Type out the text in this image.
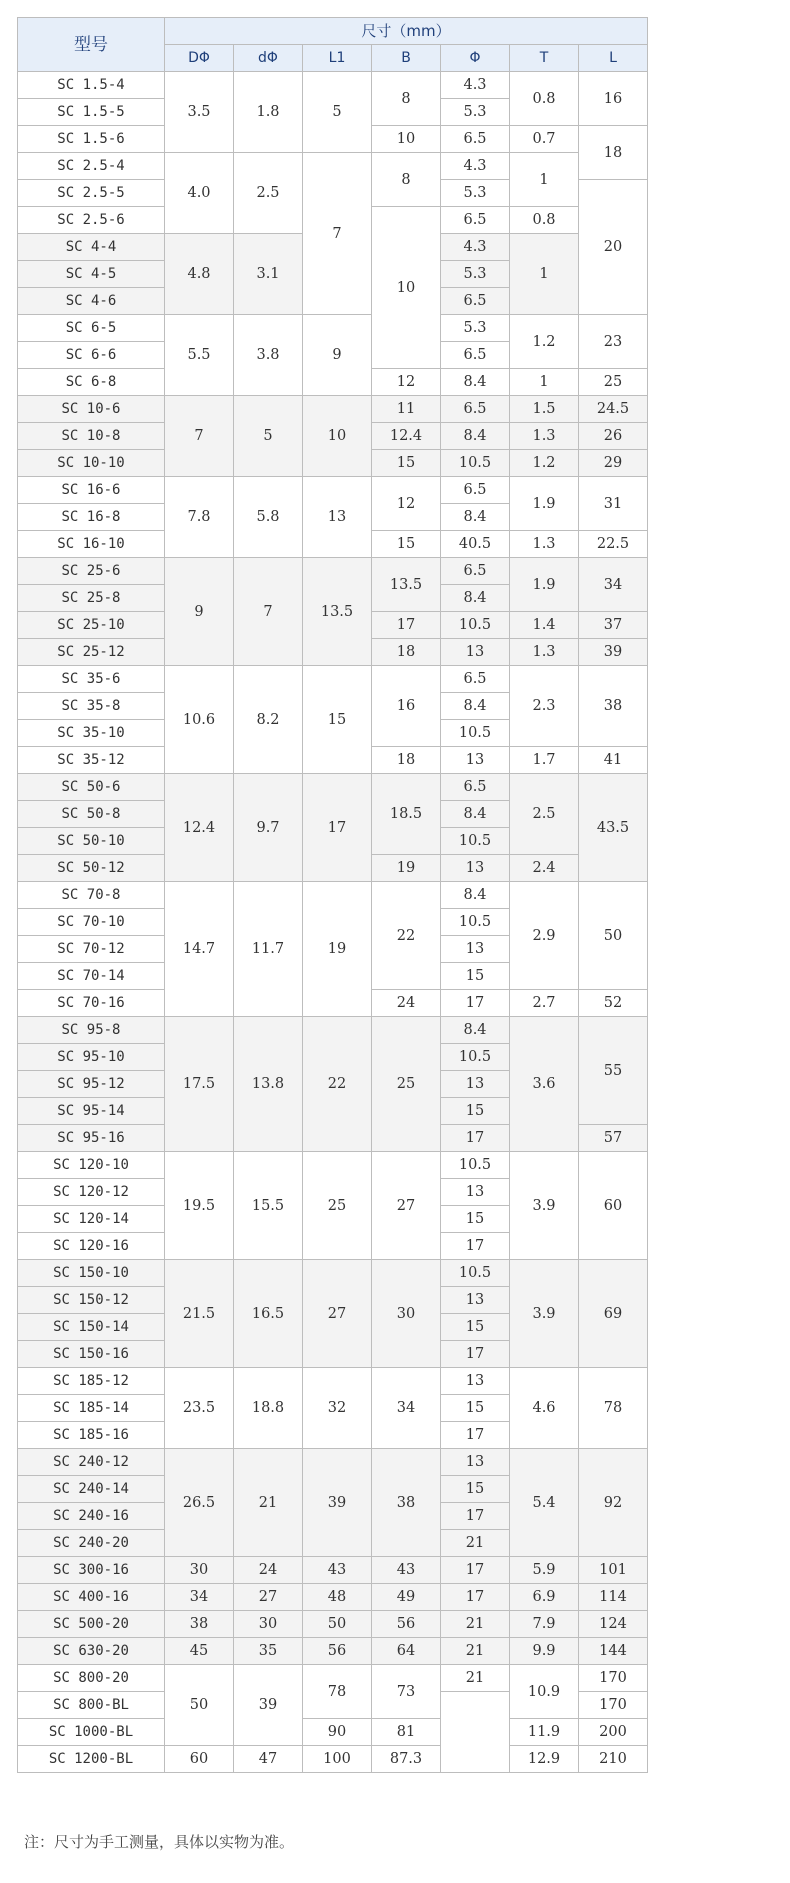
型号	尺寸（mm）						
	DΦ	dΦ	L1	B	Φ	T	L
SC 1.5-4	3.5	1.8	5	8	4.3	0.8	16
SC 1.5-5					5.3		
SC 1.5-6				10	6.5	0.7	18
SC 2.5-4	4.0	2.5	7	8	4.3	1	
SC 2.5-5					5.3		20
SC 2.5-6				10	6.5	0.8	
SC 4-4	4.8	3.1			4.3	1	
SC 4-5					5.3		
SC 4-6					6.5		
SC 6-5	5.5	3.8	9		5.3	1.2	23
SC 6-6					6.5		
SC 6-8				12	8.4	1	25
SC 10-6	7	5	10	11	6.5	1.5	24.5
SC 10-8				12.4	8.4	1.3	26
SC 10-10				15	10.5	1.2	29
SC 16-6	7.8	5.8	13	12	6.5	1.9	31
SC 16-8					8.4		
SC 16-10				15	40.5	1.3	22.5
SC 25-6	9	7	13.5	13.5	6.5	1.9	34
SC 25-8					8.4		
SC 25-10				17	10.5	1.4	37
SC 25-12				18	13	1.3	39
SC 35-6	10.6	8.2	15	16	6.5	2.3	38
SC 35-8					8.4		
SC 35-10					10.5		
SC 35-12				18	13	1.7	41
SC 50-6	12.4	9.7	17	18.5	6.5	2.5	43.5
SC 50-8					8.4		
SC 50-10					10.5		
SC 50-12				19	13	2.4	
SC 70-8	14.7	11.7	19	22	8.4	2.9	50
SC 70-10					10.5		
SC 70-12					13		
SC 70-14					15		
SC 70-16				24	17	2.7	52
SC 95-8	17.5	13.8	22	25	8.4	3.6	55
SC 95-10					10.5		
SC 95-12					13		
SC 95-14					15		
SC 95-16					17		57
SC 120-10	19.5	15.5	25	27	10.5	3.9	60
SC 120-12					13		
SC 120-14					15		
SC 120-16					17		
SC 150-10	21.5	16.5	27	30	10.5	3.9	69
SC 150-12					13		
SC 150-14					15		
SC 150-16					17		
SC 185-12	23.5	18.8	32	34	13	4.6	78
SC 185-14					15		
SC 185-16					17		
SC 240-12	26.5	21	39	38	13	5.4	92
SC 240-14					15		
SC 240-16					17		
SC 240-20					21		
SC 300-16	30	24	43	43	17	5.9	101
SC 400-16	34	27	48	49	17	6.9	114
SC 500-20	38	30	50	56	21	7.9	124
SC 630-20	45	35	56	64	21	9.9	144
SC 800-20	50	39	78	73	21	10.9	170
SC 800-BL							170
SC 1000-BL			90	81		11.9	200
SC 1200-BL	60	47	100	87.3		12.9	210
注：尺寸为手工测量，具体以实物为准。
